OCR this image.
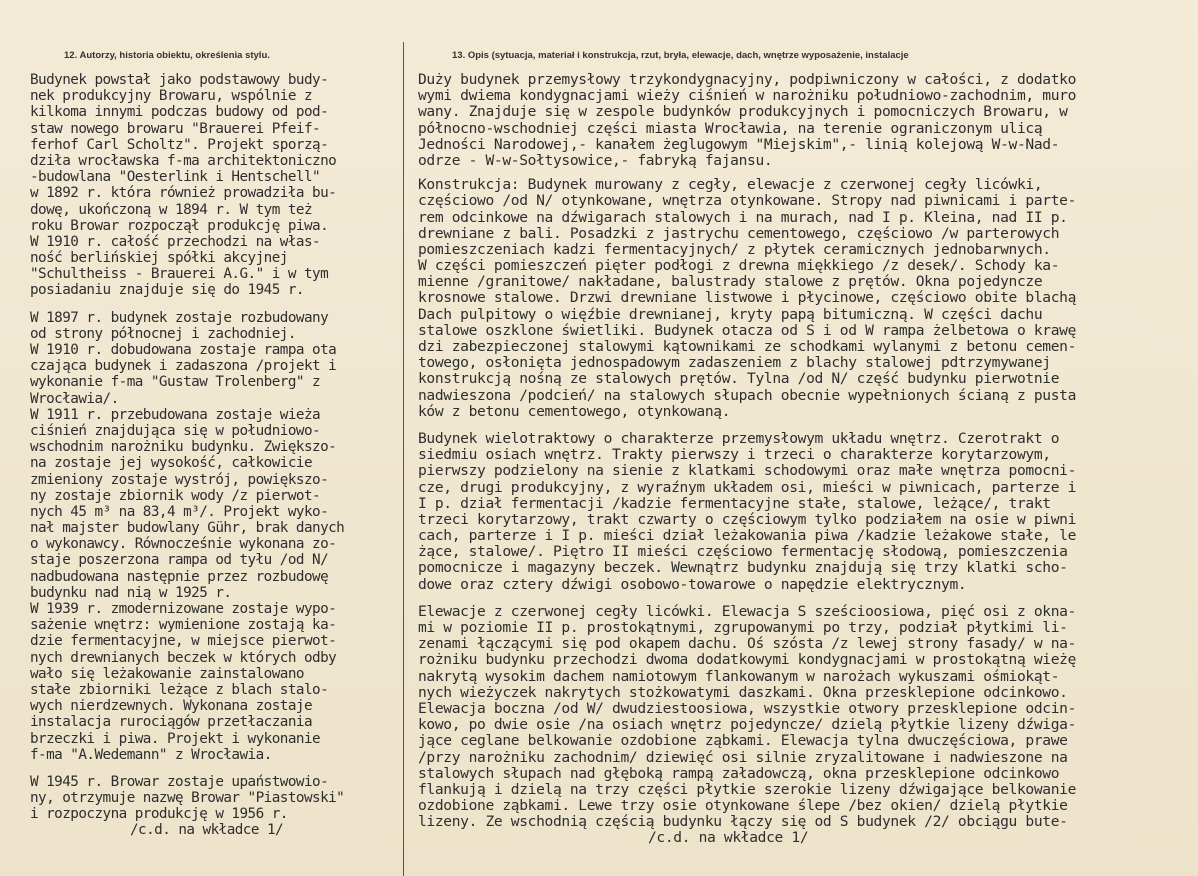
12. Autorzy, historia obiektu, określenia stylu.	13. Opis (sytuacja, materiał i konstrukcja, rzut, bryła, elewacje, dach, wnętrze wyposażenie, instalacje
Budynek powstał jako podstawowy budy-
nek produkcyjny Browaru, wspólnie z
kilkoma innymi podczas budowy od pod-
staw nowego browaru "Brauerei Pfeif-
ferhof Carl Scholtz". Projekt sporzą-
dziła wrocławska f-ma architektoniczno
-budowlana "Oesterlink i Hentschell"
w 1892 r. która również prowadziła bu-
dowę, ukończoną w 1894 r. W tym też
roku Browar rozpoczął produkcję piwa.
W 1910 r. całość przechodzi na włas-
ność berlińskiej spółki akcyjnej
"Schultheiss - Brauerei A.G." i w tym
posiadaniu znajduje się do 1945 r.
W 1897 r. budynek zostaje rozbudowany
od strony północnej i zachodniej.
W 1910 r. dobudowana zostaje rampa ota
czająca budynek i zadaszona /projekt i
wykonanie f-ma "Gustaw Trolenberg" z
Wrocławia/.
W 1911 r. przebudowana zostaje wieża
ciśnień znajdująca się w południowo-
wschodnim narożniku budynku. Zwiększo-
na zostaje jej wysokość, całkowicie
zmieniony zostaje wystrój, powiększo-
ny zostaje zbiornik wody /z pierwot-
nych 45 m³ na 83,4 m³/. Projekt wyko-
nał majster budowlany Gühr, brak danych
o wykonawcy. Równocześnie wykonana zo-
staje poszerzona rampa od tyłu /od N/
nadbudowana następnie przez rozbudowę
budynku nad nią w 1925 r.
W 1939 r. zmodernizowane zostaje wypo-
sażenie wnętrz: wymienione zostają ka-
dzie fermentacyjne, w miejsce pierwot-
nych drewnianych beczek w których odby
wało się leżakowanie zainstalowano
stałe zbiorniki leżące z blach stalo-
wych nierdzewnych. Wykonana zostaje
instalacja rurociągów przetłaczania
brzeczki i piwa. Projekt i wykonanie
f-ma "A.Wedemann" z Wrocławia.
W 1945 r. Browar zostaje upaństwowio-
ny, otrzymuje nazwę Browar "Piastowski"
i rozpoczyna produkcję w 1956 r.
/c.d. na wkładce 1/
Duży budynek przemysłowy trzykondygnacyjny, podpiwniczony w całości, z dodatko
wymi dwiema kondygnacjami wieży ciśnień w narożniku południowo-zachodnim, muro
wany. Znajduje się w zespole budynków produkcyjnych i pomocniczych Browaru, w
północno-wschodniej części miasta Wrocławia, na terenie ograniczonym ulicą
Jedności Narodowej,- kanałem żeglugowym "Miejskim",- linią kolejową W-w-Nad-
odrze - W-w-Sołtysowice,- fabryką fajansu.
Konstrukcja: Budynek murowany z cegły, elewacje z czerwonej cegły licówki,
częściowo /od N/ otynkowane, wnętrza otynkowane. Stropy nad piwnicami i parte-
rem odcinkowe na dźwigarach stalowych i na murach, nad I p. Kleina, nad II p.
drewniane z bali. Posadzki z jastrychu cementowego, częściowo /w parterowych
pomieszczeniach kadzi fermentacyjnych/ z płytek ceramicznych jednobarwnych.
W części pomieszczeń pięter podłogi z drewna miękkiego /z desek/. Schody ka-
mienne /granitowe/ nakładane, balustrady stalowe z prętów. Okna pojedyncze
krosnowe stalowe. Drzwi drewniane listwowe i płycinowe, częściowo obite blachą
Dach pulpitowy o więźbie drewnianej, kryty papą bitumiczną. W części dachu
stalowe oszklone świetliki. Budynek otacza od S i od W rampa żelbetowa o krawę
dzi zabezpieczonej stalowymi kątownikami ze schodkami wylanymi z betonu cemen-
towego, osłonięta jednospadowym zadaszeniem z blachy stalowej pdtrzymywanej
konstrukcją nośną ze stalowych prętów. Tylna /od N/ część budynku pierwotnie
nadwieszona /podcień/ na stalowych słupach obecnie wypełnionych ścianą z pusta
ków z betonu cementowego, otynkowaną.
Budynek wielotraktowy o charakterze przemysłowym układu wnętrz. Czerotrakt o
siedmiu osiach wnętrz. Trakty pierwszy i trzeci o charakterze korytarzowym,
pierwszy podzielony na sienie z klatkami schodowymi oraz małe wnętrza pomocni-
cze, drugi produkcyjny, z wyraźnym układem osi, mieści w piwnicach, parterze i
I p. dział fermentacji /kadzie fermentacyjne stałe, stalowe, leżące/, trakt
trzeci korytarzowy, trakt czwarty o częściowym tylko podziałem na osie w piwni
cach, parterze i I p. mieści dział leżakowania piwa /kadzie leżakowe stałe, le
żące, stalowe/. Piętro II mieści częściowo fermentację słodową, pomieszczenia
pomocnicze i magazyny beczek. Wewnątrz budynku znajdują się trzy klatki scho-
dowe oraz cztery dźwigi osobowo-towarowe o napędzie elektrycznym.
Elewacje z czerwonej cegły licówki. Elewacja S sześcioosiowa, pięć osi z okna-
mi w poziomie II p. prostokątnymi, zgrupowanymi po trzy, podział płytkimi li-
zenami łączącymi się pod okapem dachu. Oś szósta /z lewej strony fasady/ w na-
rożniku budynku przechodzi dwoma dodatkowymi kondygnacjami w prostokątną wieżę
nakrytą wysokim dachem namiotowym flankowanym w narożach wykuszami ośmiokąt-
nych wieżyczek nakrytych stożkowatymi daszkami. Okna przesklepione odcinkowo.
Elewacja boczna /od W/ dwudziestoosiowa, wszystkie otwory przesklepione odcin-
kowo, po dwie osie /na osiach wnętrz pojedyncze/ dzielą płytkie lizeny dźwiga-
jące ceglane belkowanie ozdobione ząbkami. Elewacja tylna dwuczęściowa, prawe
/przy narożniku zachodnim/ dziewięć osi silnie zryzalitowane i nadwieszone na
stalowych słupach nad głęboką rampą załadowczą, okna przesklepione odcinkowo
flankują i dzielą na trzy części płytkie szerokie lizeny dźwigające belkowanie
ozdobione ząbkami. Lewe trzy osie otynkowane ślepe /bez okien/ dzielą płytkie
lizeny. Ze wschodnią częścią budynku łączy się od S budynek /2/ obciągu bute-
/c.d. na wkładce 1/
